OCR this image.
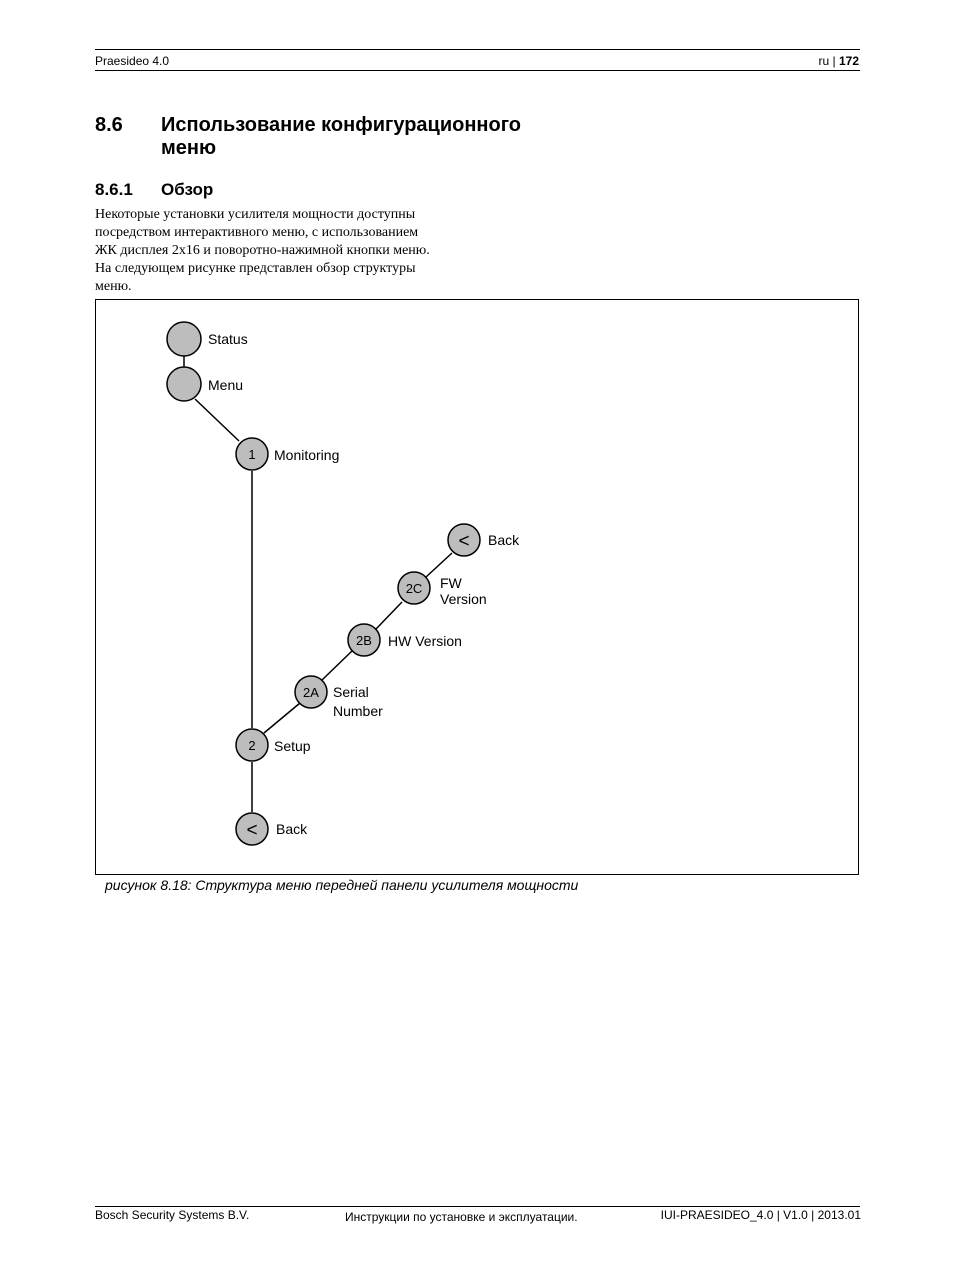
Praesideo 4.0	ru | 172
8.6 Использование конфигурационного меню
8.6.1 Обзор
Некоторые установки усилителя мощности доступны
посредством интерактивного меню, с использованием
ЖК дисплея 2x16 и поворотно-нажимной кнопки меню.
На следующем рисунке представлен обзор структуры
меню.
Status
Menu
1 Monitoring
< Back
2C FW
Version
2B HW Version
2A Serial
Number
2 Setup
< Back
рисунок 8.18: Структура меню передней панели усилителя мощности
Bosch Security Systems B.V.	Инструкции по установке и эксплуатации.	IUI-PRAESIDEO_4.0 | V1.0 | 2013.01
